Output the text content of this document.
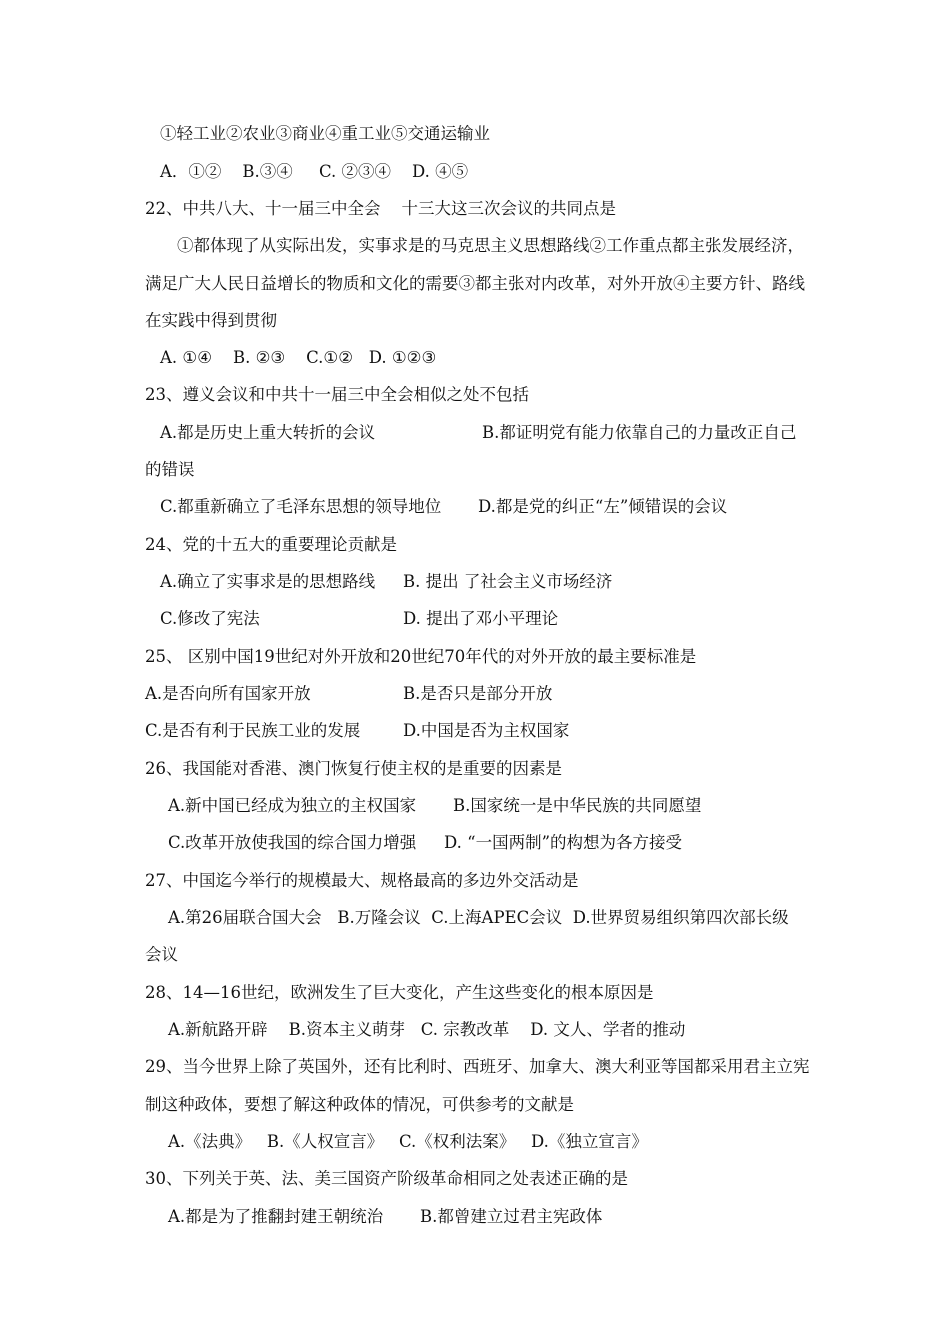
①轻工业②农业③商业④重工业⑤交通运输业
A．①②    B.③④     C. ②③④    D. ④⑤
22、中共八大、十一届三中全会    十三大这三次会议的共同点是
①都体现了从实际出发，实事求是的马克思主义思想路线②工作重点都主张发展经济，
满足广大人民日益增长的物质和文化的需要③都主张对内改革，对外开放④主要方针、路线
在实践中得到贯彻
A. ①④    B. ②③    C.①②   D. ①②③
23、遵义会议和中共十一届三中全会相似之处不包括
A.都是历史上重大转折的会议	B.都证明党有能力依靠自己的力量改正自己
的错误
C.都重新确立了毛泽东思想的领导地位 D.都是党的纠正“左”倾错误的会议
24、党的十五大的重要理论贡献是
A.确立了实事求是的思想路线 B. 提出 了社会主义市场经济
C.修改了宪法	D. 提出了邓小平理论
25、 区别中国19世纪对外开放和20世纪70年代的对外开放的最主要标准是
A.是否向所有国家开放	B.是否只是部分开放
C.是否有利于民族工业的发展	D.中国是否为主权国家
26、我国能对香港、澳门恢复行使主权的是重要的因素是
A.新中国已经成为独立的主权国家 B.国家统一是中华民族的共同愿望
C.改革开放使我国的综合国力增强 D. “一国两制”的构想为各方接受
27、中国迄今举行的规模最大、规格最高的多边外交活动是
A.第26届联合国大会   B.万隆会议  C.上海APEC会议  D.世界贸易组织第四次部长级
会议
28、14—16世纪，欧洲发生了巨大变化，产生这些变化的根本原因是
A.新航路开辟    B.资本主义萌芽   C. 宗教改革    D. 文人、学者的推动
29、当今世界上除了英国外，还有比利时、西班牙、加拿大、澳大利亚等国都采用君主立宪
制这种政体，要想了解这种政体的情况，可供参考的文献是
A.《法典》   B.《人权宣言》   C.《权利法案》   D.《独立宣言》
30、下列关于英、法、美三国资产阶级革命相同之处表述正确的是
A.都是为了推翻封建王朝统治 B.都曾建立过君主宪政体
